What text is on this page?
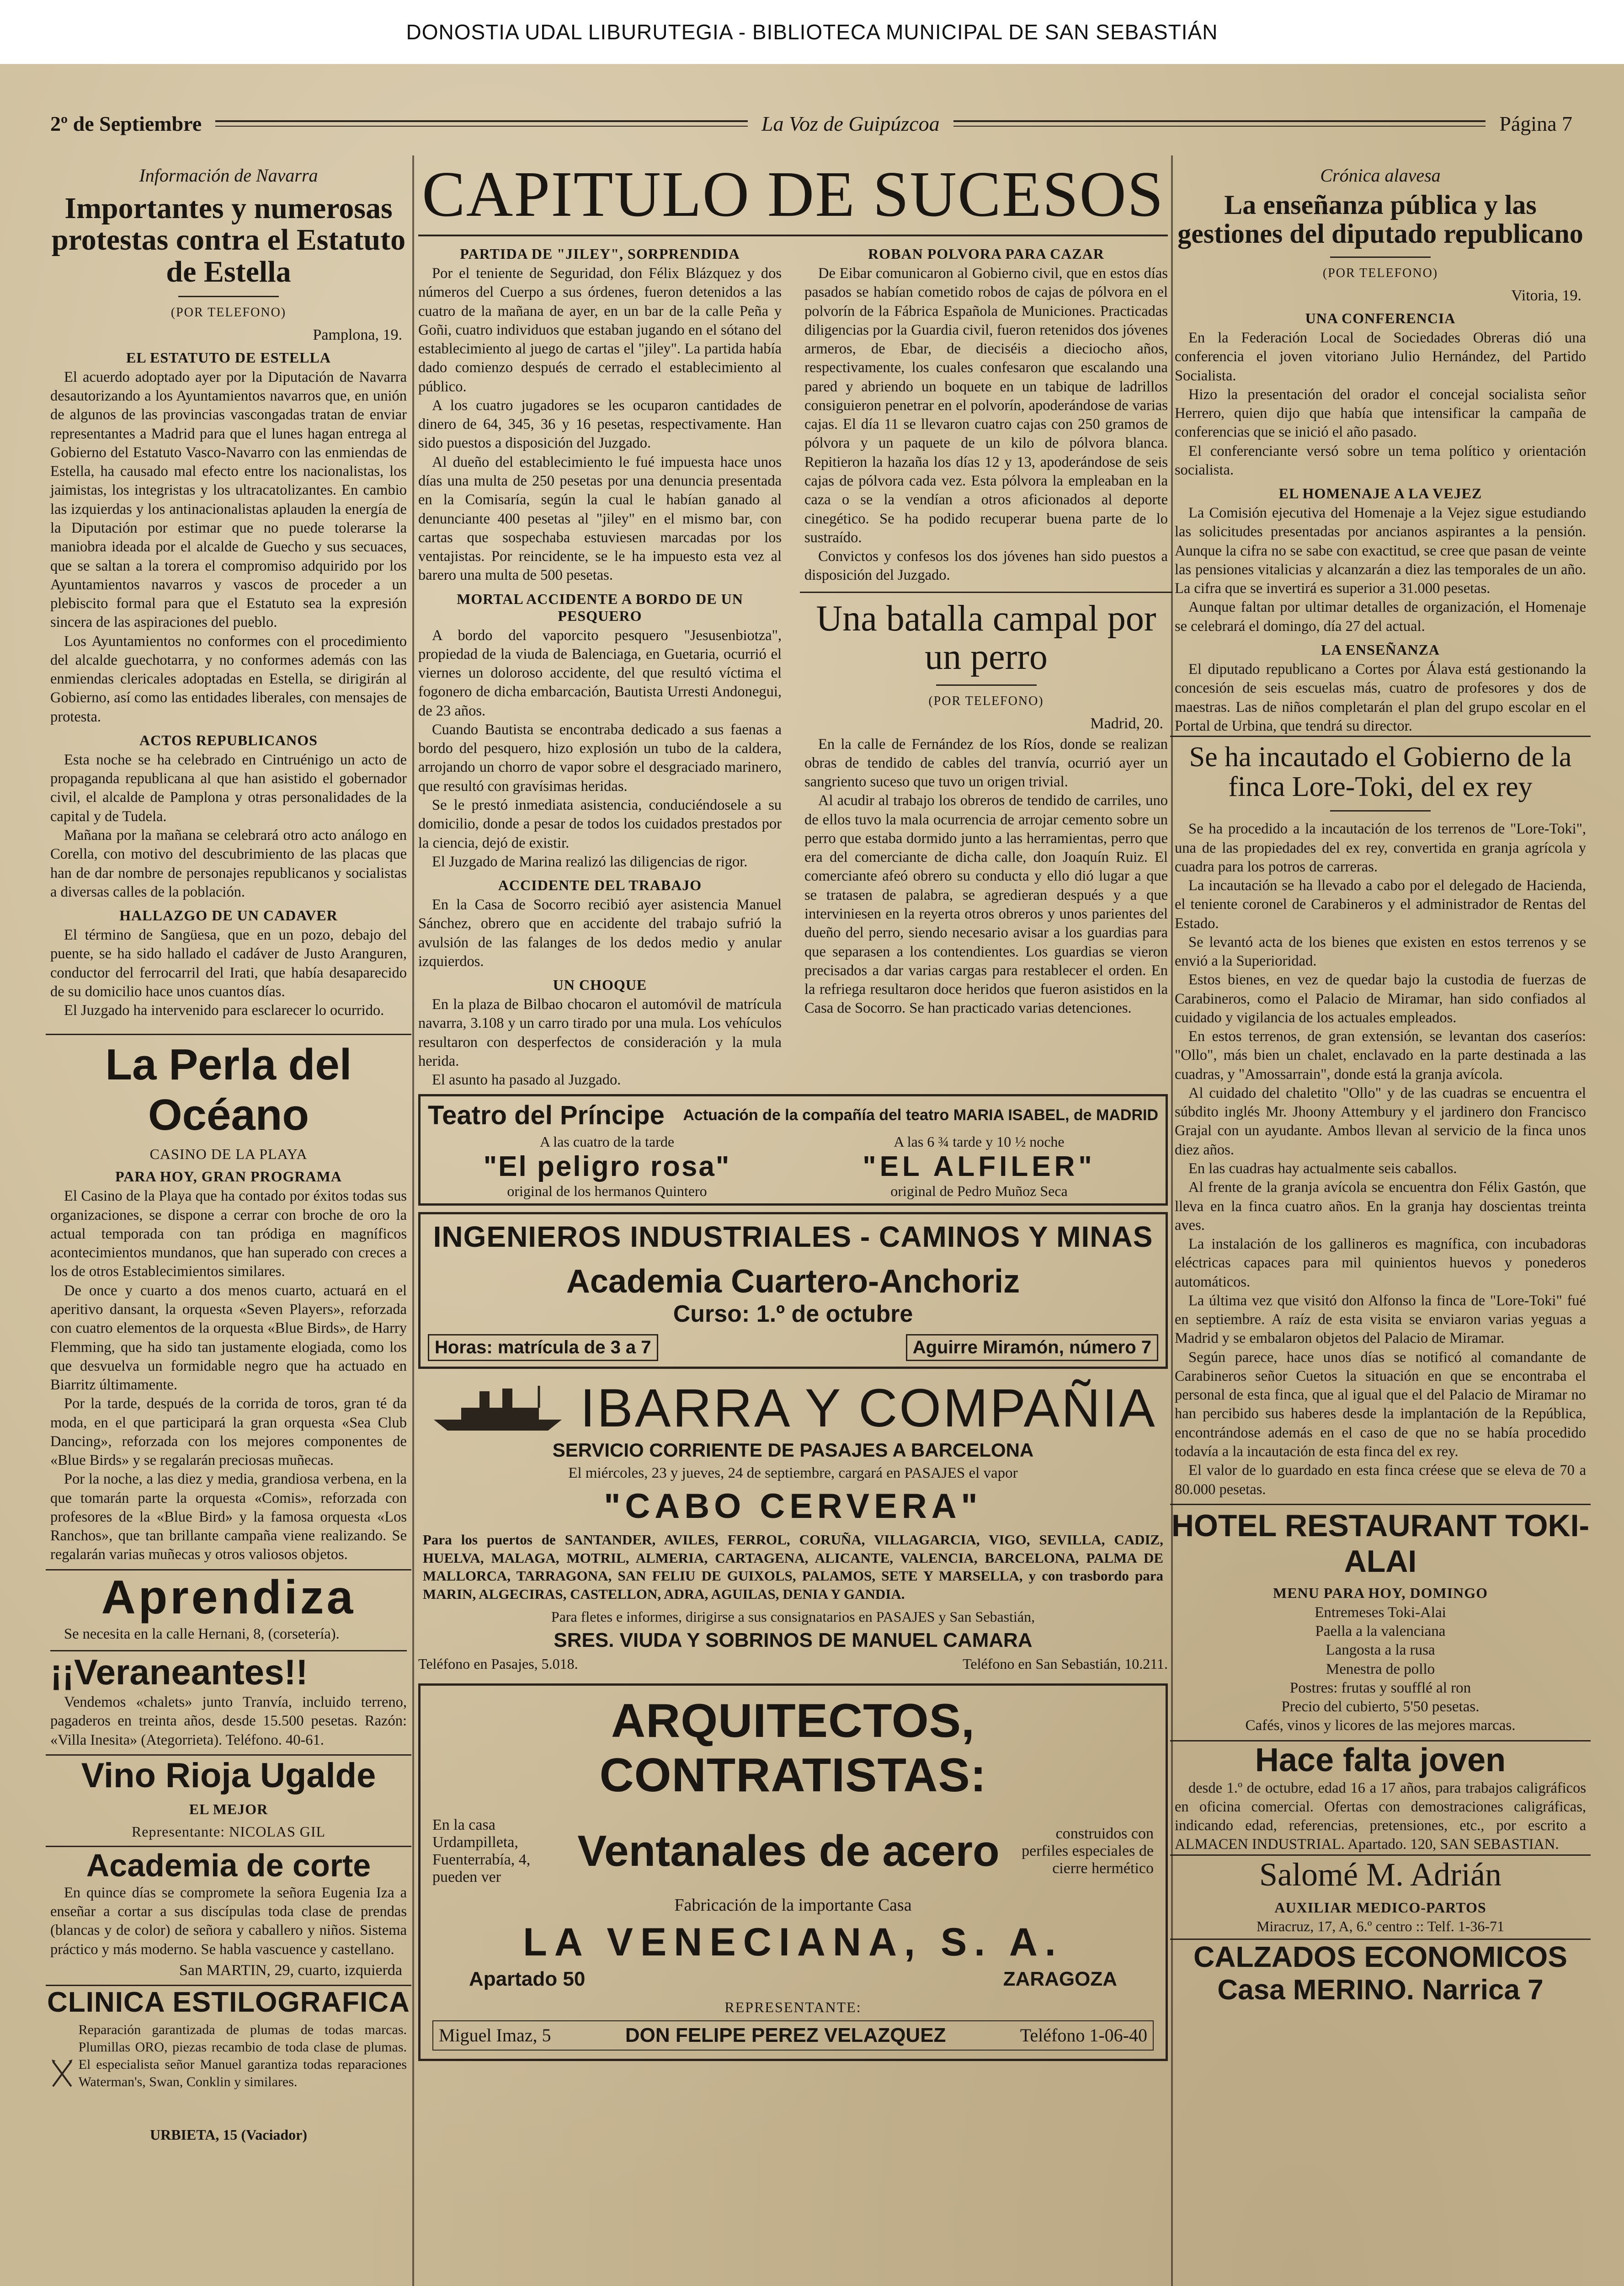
DONOSTIA UDAL LIBURUTEGIA - BIBLIOTECA MUNICIPAL DE SAN SEBASTIÁN
2º de Septiembre	La Voz de Guipúzcoa	Página 7
Información de Navarra
Importantes y numerosas protestas contra el Estatuto de Estella
(POR TELEFONO)
Pamplona, 19.
EL ESTATUTO DE ESTELLA

El acuerdo adoptado ayer por la Diputación de Navarra desautorizando a los Ayuntamientos navarros que, en unión de algunos de las provincias vascongadas tratan de enviar representantes a Madrid para que el lunes hagan entrega al Gobierno del Estatuto Vasco-Navarro con las enmiendas de Estella, ha causado mal efecto entre los nacionalistas, los jaimistas, los integristas y los ultracatolizantes. En cambio las izquierdas y los antinacionalistas aplauden la energía de la Diputación por estimar que no puede tolerarse la maniobra ideada por el alcalde de Guecho y sus secuaces, que se saltan a la torera el compromiso adquirido por los Ayuntamientos navarros y vascos de proceder a un plebiscito formal para que el Estatuto sea la expresión sincera de las aspiraciones del pueblo.

Los Ayuntamientos no conformes con el procedimiento del alcalde guechotarra, y no conformes además con las enmiendas clericales adoptadas en Estella, se dirigirán al Gobierno, así como las entidades liberales, con mensajes de protesta.

ACTOS REPUBLICANOS

Esta noche se ha celebrado en Cintruénigo un acto de propaganda republicana al que han asistido el gobernador civil, el alcalde de Pamplona y otras personalidades de la capital y de Tudela.

Mañana por la mañana se celebrará otro acto análogo en Corella, con motivo del descubrimiento de las placas que han de dar nombre de personajes republicanos y socialistas a diversas calles de la población.

HALLAZGO DE UN CADAVER

El término de Sangüesa, que en un pozo, debajo del puente, se ha sido hallado el cadáver de Justo Aranguren, conductor del ferrocarril del Irati, que había desaparecido de su domicilio hace unos cuantos días.

El Juzgado ha intervenido para esclarecer lo ocurrido.

La Perla del Océano
CASINO DE LA PLAYA
PARA HOY, GRAN PROGRAMA

El Casino de la Playa que ha contado por éxitos todas sus organizaciones, se dispone a cerrar con broche de oro la actual temporada con tan pródiga en magníficos acontecimientos mundanos, que han superado con creces a los de otros Establecimientos similares.

De once y cuarto a dos menos cuarto, actuará en el aperitivo dansant, la orquesta «Seven Players», reforzada con cuatro elementos de la orquesta «Blue Birds», de Harry Flemming, que ha sido tan justamente elogiada, como los que desvuelva un formidable negro que ha actuado en Biarritz últimamente.

Por la tarde, después de la corrida de toros, gran té da moda, en el que participará la gran orquesta «Sea Club Dancing», reforzada con los mejores componentes de «Blue Birds» y se regalarán preciosas muñecas.

Por la noche, a las diez y media, grandiosa verbena, en la que tomarán parte la orquesta «Comis», reforzada con profesores de la «Blue Bird» y la famosa orquesta «Los Ranchos», que tan brillante campaña viene realizando. Se regalarán varias muñecas y otros valiosos objetos.

Aprendiza

Se necesita en la calle Hernani, 8, (corsetería).

¡¡Veraneantes!!

Vendemos «chalets» junto Tranvía, incluido terreno, pagaderos en treinta años, desde 15.500 pesetas. Razón: «Villa Inesita» (Ategorrieta). Teléfono. 40-61.

Vino Rioja Ugalde
EL MEJOR
Representante: NICOLAS GIL
Academia de corte

En quince días se compromete la señora Eugenia Iza a enseñar a cortar a sus discípulas toda clase de prendas (blancas y de color) de señora y caballero y niños. Sistema práctico y más moderno. Se habla vascuence y castellano.

San MARTIN, 29, cuarto, izquierda
CLINICA ESTILOGRAFICA

Reparación garantizada de plumas de todas marcas. Plumillas ORO, piezas recambio de toda clase de plumas. El especialista señor Manuel garantiza todas reparaciones Waterman's, Swan, Conklin y similares.

URBIETA, 15 (Vaciador)
CAPITULO DE SUCESOS
PARTIDA DE "JILEY", SORPRENDIDA

Por el teniente de Seguridad, don Félix Blázquez y dos números del Cuerpo a sus órdenes, fueron detenidos a las cuatro de la mañana de ayer, en un bar de la calle Peña y Goñi, cuatro individuos que estaban jugando en el sótano del establecimiento al juego de cartas el "jiley". La partida había dado comienzo después de cerrado el establecimiento al público.

A los cuatro jugadores se les ocuparon cantidades de dinero de 64, 345, 36 y 16 pesetas, respectivamente. Han sido puestos a disposición del Juzgado.

Al dueño del establecimiento le fué impuesta hace unos días una multa de 250 pesetas por una denuncia presentada en la Comisaría, según la cual le habían ganado al denunciante 400 pesetas al "jiley" en el mismo bar, con cartas que sospechaba estuviesen marcadas por los ventajistas. Por reincidente, se le ha impuesto esta vez al barero una multa de 500 pesetas.

MORTAL ACCIDENTE A BORDO DE UN PESQUERO

A bordo del vaporcito pesquero "Jesusenbiotza", propiedad de la viuda de Balenciaga, en Guetaria, ocurrió el viernes un doloroso accidente, del que resultó víctima el fogonero de dicha embarcación, Bautista Urresti Andonegui, de 23 años.

Cuando Bautista se encontraba dedicado a sus faenas a bordo del pesquero, hizo explosión un tubo de la caldera, arrojando un chorro de vapor sobre el desgraciado marinero, que resultó con gravísimas heridas.

Se le prestó inmediata asistencia, conduciéndosele a su domicilio, donde a pesar de todos los cuidados prestados por la ciencia, dejó de existir.

El Juzgado de Marina realizó las diligencias de rigor.

ACCIDENTE DEL TRABAJO

En la Casa de Socorro recibió ayer asistencia Manuel Sánchez, obrero que en accidente del trabajo sufrió la avulsión de las falanges de los dedos medio y anular izquierdos.

UN CHOQUE

En la plaza de Bilbao chocaron el automóvil de matrícula navarra, 3.108 y un carro tirado por una mula. Los vehículos resultaron con desperfectos de consideración y la mula herida.

El asunto ha pasado al Juzgado.

ROBAN POLVORA PARA CAZAR

De Eibar comunicaron al Gobierno civil, que en estos días pasados se habían cometido robos de cajas de pólvora en el polvorín de la Fábrica Española de Municiones. Practicadas diligencias por la Guardia civil, fueron retenidos dos jóvenes armeros, de Ebar, de dieciséis a dieciocho años, respectivamente, los cuales confesaron que escalando una pared y abriendo un boquete en un tabique de ladrillos consiguieron penetrar en el polvorín, apoderándose de varias cajas. El día 11 se llevaron cuatro cajas con 250 gramos de pólvora y un paquete de un kilo de pólvora blanca. Repitieron la hazaña los días 12 y 13, apoderándose de seis cajas de pólvora cada vez. Esta pólvora la empleaban en la caza o se la vendían a otros aficionados al deporte cinegético. Se ha podido recuperar buena parte de lo sustraído.

Convictos y confesos los dos jóvenes han sido puestos a disposición del Juzgado.

Una batalla campal por un perro
(POR TELEFONO)
Madrid, 20.

En la calle de Fernández de los Ríos, donde se realizan obras de tendido de cables del tranvía, ocurrió ayer un sangriento suceso que tuvo un origen trivial.

Al acudir al trabajo los obreros de tendido de carriles, uno de ellos tuvo la mala ocurrencia de arrojar cemento sobre un perro que estaba dormido junto a las herramientas, perro que era del comerciante de dicha calle, don Joaquín Ruiz. El comerciante afeó obrero su conducta y ello dió lugar a que se tratasen de palabra, se agredieran después y a que interviniesen en la reyerta otros obreros y unos parientes del dueño del perro, siendo necesario avisar a los guardias para que separasen a los contendientes. Los guardias se vieron precisados a dar varias cargas para restablecer el orden. En la refriega resultaron doce heridos que fueron asistidos en la Casa de Socorro. Se han practicado varias detenciones.

Teatro del Príncipe Actuación de la compañía del teatro MARIA ISABEL, de MADRID
A las cuatro de la tarde
"El peligro rosa"
original de los hermanos Quintero
A las 6 ¾ tarde y 10 ½ noche
"EL ALFILER"
original de Pedro Muñoz Seca
INGENIEROS INDUSTRIALES - CAMINOS Y MINAS
Academia Cuartero-Anchoriz
Curso: 1.º de octubre
Horas: matrícula de 3 a 7	Aguirre Miramón, número 7
IBARRA Y COMPAÑIA
SERVICIO CORRIENTE DE PASAJES A BARCELONA
El miércoles, 23 y jueves, 24 de septiembre, cargará en PASAJES el vapor
"CABO CERVERA"

Para los puertos de SANTANDER, AVILES, FERROL, CORUÑA, VILLAGARCIA, VIGO, SEVILLA, CADIZ, HUELVA, MALAGA, MOTRIL, ALMERIA, CARTAGENA, ALICANTE, VALENCIA, BARCELONA, PALMA DE MALLORCA, TARRAGONA, SAN FELIU DE GUIXOLS, PALAMOS, SETE Y MARSELLA, y con trasbordo para MARIN, ALGECIRAS, CASTELLON, ADRA, AGUILAS, DENIA Y GANDIA.

Para fletes e informes, dirigirse a sus consignatarios en PASAJES y San Sebastián,
SRES. VIUDA Y SOBRINOS DE MANUEL CAMARA
Teléfono en Pasajes, 5.018.	Teléfono en San Sebastián, 10.211.
ARQUITECTOS, CONTRATISTAS:
En la casa Urdampilleta, Fuenterrabía, 4, pueden ver
Ventanales de acero	construidos con perfiles especiales de cierre hermético
Fabricación de la importante Casa
LA VENECIANA, S. A.
Apartado 50	ZARAGOZA
REPRESENTANTE:
Miguel Imaz, 5	DON FELIPE PEREZ VELAZQUEZ	Teléfono 1-06-40
Crónica alavesa
La enseñanza pública y las gestiones del diputado republicano
(POR TELEFONO)
Vitoria, 19.
UNA CONFERENCIA

En la Federación Local de Sociedades Obreras dió una conferencia el joven vitoriano Julio Hernández, del Partido Socialista.

Hizo la presentación del orador el concejal socialista señor Herrero, quien dijo que había que intensificar la campaña de conferencias que se inició el año pasado.

El conferenciante versó sobre un tema político y orientación socialista.

EL HOMENAJE A LA VEJEZ

La Comisión ejecutiva del Homenaje a la Vejez sigue estudiando las solicitudes presentadas por ancianos aspirantes a la pensión. Aunque la cifra no se sabe con exactitud, se cree que pasan de veinte las pensiones vitalicias y alcanzarán a diez las temporales de un año. La cifra que se invertirá es superior a 31.000 pesetas.

Aunque faltan por ultimar detalles de organización, el Homenaje se celebrará el domingo, día 27 del actual.

LA ENSEÑANZA

El diputado republicano a Cortes por Álava está gestionando la concesión de seis escuelas más, cuatro de profesores y dos de maestras. Las de niños completarán el plan del grupo escolar en el Portal de Urbina, que tendrá su director.

Se ha incautado el Gobierno de la finca Lore-Toki, del ex rey

Se ha procedido a la incautación de los terrenos de "Lore-Toki", una de las propiedades del ex rey, convertida en granja agrícola y cuadra para los potros de carreras.

La incautación se ha llevado a cabo por el delegado de Hacienda, el teniente coronel de Carabineros y el administrador de Rentas del Estado.

Se levantó acta de los bienes que existen en estos terrenos y se envió a la Superioridad.

Estos bienes, en vez de quedar bajo la custodia de fuerzas de Carabineros, como el Palacio de Miramar, han sido confiados al cuidado y vigilancia de los actuales empleados.

En estos terrenos, de gran extensión, se levantan dos caseríos: "Ollo", más bien un chalet, enclavado en la parte destinada a las cuadras, y "Amossarrain", donde está la granja avícola.

Al cuidado del chaletito "Ollo" y de las cuadras se encuentra el súbdito inglés Mr. Jhoony Attembury y el jardinero don Francisco Grajal con un ayudante. Ambos llevan al servicio de la finca unos diez años.

En las cuadras hay actualmente seis caballos.

Al frente de la granja avícola se encuentra don Félix Gastón, que lleva en la finca cuatro años. En la granja hay doscientas treinta aves.

La instalación de los gallineros es magnífica, con incubadoras eléctricas capaces para mil quinientos huevos y ponederos automáticos.

La última vez que visitó don Alfonso la finca de "Lore-Toki" fué en septiembre. A raíz de esta visita se enviaron varias yeguas a Madrid y se embalaron objetos del Palacio de Miramar.

Según parece, hace unos días se notificó al comandante de Carabineros señor Cuetos la situación en que se encontraba el personal de esta finca, que al igual que el del Palacio de Miramar no han percibido sus haberes desde la implantación de la República, encontrándose además en el caso de que no se había procedido todavía a la incautación de esta finca del ex rey.

El valor de lo guardado en esta finca créese que se eleva de 70 a 80.000 pesetas.

HOTEL RESTAURANT TOKI-ALAI
MENU PARA HOY, DOMINGO
Entremeses Toki-Alai
Paella a la valenciana
Langosta a la rusa
Menestra de pollo
Postres: frutas y soufflé al ron
Precio del cubierto, 5'50 pesetas.
Cafés, vinos y licores de las mejores marcas.
Hace falta joven

desde 1.º de octubre, edad 16 a 17 años, para trabajos caligráficos en oficina comercial. Ofertas con demostraciones caligráficas, indicando edad, referencias, pretensiones, etc., por escrito a ALMACEN INDUSTRIAL. Apartado. 120, SAN SEBASTIAN.

Salomé M. Adrián
AUXILIAR MEDICO-PARTOS
Miracruz, 17, A, 6.º centro :: Telf. 1-36-71
CALZADOS ECONOMICOS
Casa MERINO. Narrica 7
